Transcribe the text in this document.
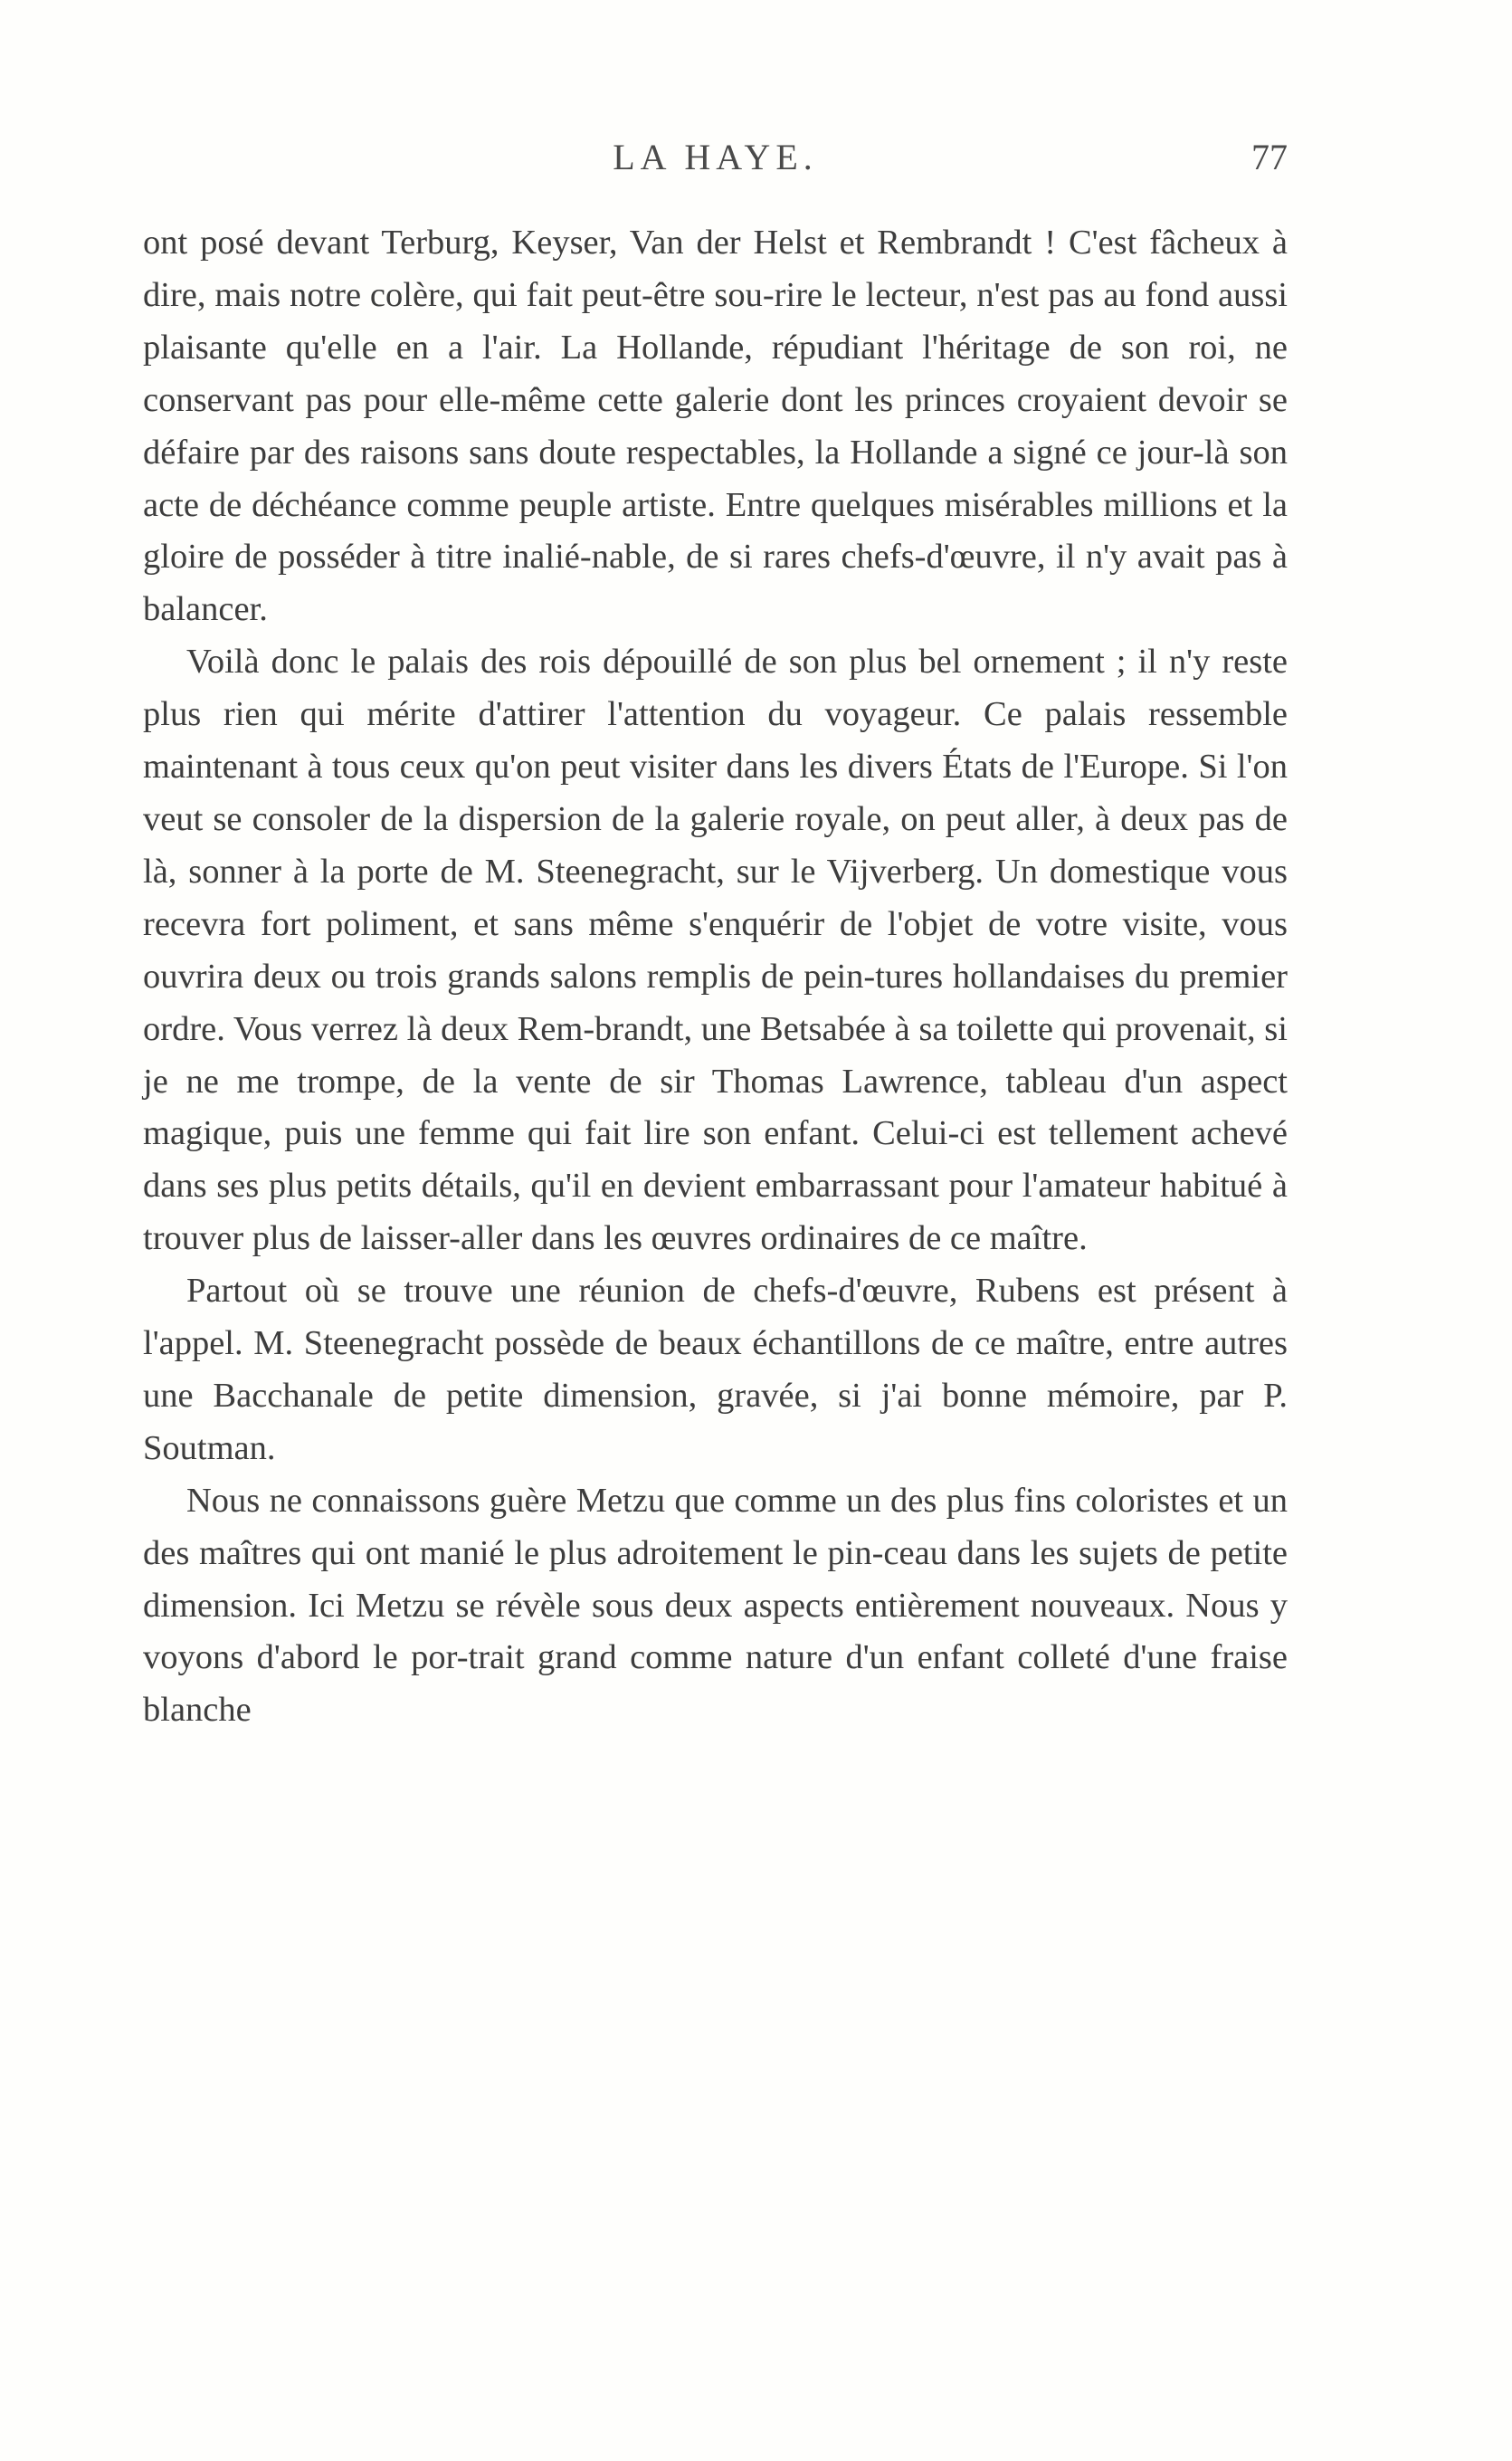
LA HAYE.	77

ont posé devant Terburg, Keyser, Van der Helst et Rembrandt ! C'est fâcheux à dire, mais notre colère, qui fait peut-être sou-rire le lecteur, n'est pas au fond aussi plaisante qu'elle en a l'air. La Hollande, répudiant l'héritage de son roi, ne conservant pas pour elle-même cette galerie dont les princes croyaient devoir se défaire par des raisons sans doute respectables, la Hollande a signé ce jour-là son acte de déchéance comme peuple artiste. Entre quelques misérables millions et la gloire de posséder à titre inalié-nable, de si rares chefs-d'œuvre, il n'y avait pas à balancer.

Voilà donc le palais des rois dépouillé de son plus bel ornement ; il n'y reste plus rien qui mérite d'attirer l'attention du voyageur. Ce palais ressemble maintenant à tous ceux qu'on peut visiter dans les divers États de l'Europe. Si l'on veut se consoler de la dispersion de la galerie royale, on peut aller, à deux pas de là, sonner à la porte de M. Steenegracht, sur le Vijverberg. Un domestique vous recevra fort poliment, et sans même s'enquérir de l'objet de votre visite, vous ouvrira deux ou trois grands salons remplis de pein-tures hollandaises du premier ordre. Vous verrez là deux Rem-brandt, une Betsabée à sa toilette qui provenait, si je ne me trompe, de la vente de sir Thomas Lawrence, tableau d'un aspect magique, puis une femme qui fait lire son enfant. Celui-ci est tellement achevé dans ses plus petits détails, qu'il en devient embarrassant pour l'amateur habitué à trouver plus de laisser-aller dans les œuvres ordinaires de ce maître.

Partout où se trouve une réunion de chefs-d'œuvre, Rubens est présent à l'appel. M. Steenegracht possède de beaux échantillons de ce maître, entre autres une Bacchanale de petite dimension, gravée, si j'ai bonne mémoire, par P. Soutman.

Nous ne connaissons guère Metzu que comme un des plus fins coloristes et un des maîtres qui ont manié le plus adroitement le pin-ceau dans les sujets de petite dimension. Ici Metzu se révèle sous deux aspects entièrement nouveaux. Nous y voyons d'abord le por-trait grand comme nature d'un enfant colleté d'une fraise blanche
